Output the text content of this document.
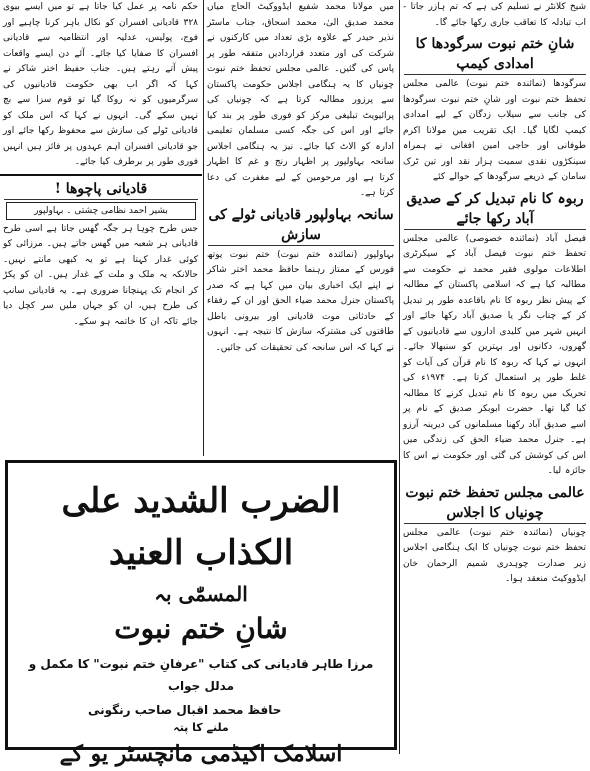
شیخ کلانٹر نے تسلیم کی ہے کہ تم ہازر جاتا - اب تبادلہ کا تعاقب جاری رکھا جائے گا۔

شانِ ختم نبوت سرگودھا کا امدادی کیمپ

سرگودھا (نمائندہ ختم نبوت) عالمی مجلس تحفظ ختم نبوت اور شانِ ختم نبوت سرگودھا کی جانب سے سیلاب زدگان کے لیے امدادی کیمپ لگایا گیا۔ ایک تقریب میں مولانا اکرم طوفانی اور حاجی امین افغانی نے ہمراہ سینکڑوں نقدی سمیت ہزار نقد اور تین ٹرک سامان کے ذریعے سرگودھا کے حوالے کئے

ربوہ کا نام تبدیل کر کے صدیق آباد رکھا جائے

فیصل آباد (نمائندہ خصوصی) عالمی مجلس تحفظ ختم نبوت فیصل آباد کے سیکرٹری اطلاعات مولوی فقیر محمد نے حکومت سے مطالبہ کیا ہے کہ اسلامی پاکستان کے مطالبہ کے پیش نظر ربوہ کا نام باقاعدہ طور پر تبدیل کر کے چناب نگر یا صدیق آباد رکھا جائے اور انہیں شہر میں کلیدی اداروں سے قادیانیوں کے گھروں، دکانوں اور بہترین کو سنبھالا جائے۔ انہوں نے کہا کہ ربوہ کا نام قرآن کی آیات کو غلط طور پر استعمال کرتا ہے۔ ۱۹۷۴ء کی تحریک میں ربوہ کا نام تبدیل کرنے کا مطالبہ کیا گیا تھا۔ حضرت ابوبکر صدیق کے نام پر اسے صدیق آباد رکھنا مسلمانوں کی دیرینہ آرزو ہے۔ جنرل محمد ضیاء الحق کی زندگی میں اس کی کوشش کی گئی اور حکومت نے اس کا جائزہ لیا۔

عالمی مجلس تحفظ ختم نبوت چونیاں کا اجلاس

چونیاں (نمائندہ ختم نبوت) عالمی مجلس تحفظ ختم نبوت چونیاں کا ایک ہنگامی اجلاس زیر صدارت چوہدری شمیم الرحمان خان ایڈووکیٹ منعقد ہوا۔

میں مولانا محمد شفیع ایڈووکیٹ الحاج میاں محمد صدیق الیٰ، محمد اسحاق، جناب ماسٹر نذیر حیدر کے علاوہ بڑی تعداد میں کارکنوں نے شرکت کی اور متعدد قراردادیں متفقہ طور پر پاس کی گئیں۔ عالمی مجلس تحفظ ختم نبوت چونیاں کا یہ ہنگامی اجلاس حکومت پاکستان سے پرزور مطالبہ کرتا ہے کہ چونیاں کی پرائیویٹ تبلیغی مرکز کو فوری طور پر بند کیا جائے اور اس کی جگہ کسی مسلمان تعلیمی ادارہ کو الاٹ کیا جائے۔ نیز یہ ہنگامی اجلاس سانحہ بہاولپور پر اظہار رنج و غم کا اظہار کرتا ہے اور مرحومین کے لیے مغفرت کی دعا کرتا ہے۔

سانحہ بہاولپور قادیانی ٹولے کی سازش

بہاولپور (نمائندہ ختم نبوت) ختم نبوت یوتھ فورس کے ممتاز رہنما حافظ محمد اختر شاکر نے اپنے ایک اخباری بیان میں کہا ہے کہ صدر پاکستان جنرل محمد ضیاء الحق اور ان کے رفقاء کے حادثاتی موت قادیانی اور بیرونی باطل طاقتوں کی مشترکہ سازش کا نتیجہ ہے۔ انہوں نے کہا کہ اس سانحہ کی تحقیقات کی جائیں۔

حکم نامہ پر عمل کیا جاتا ہے تو میں ایسے بیوی ۳۲۸ قادیانی افسران کو نکال باہر کرنا چاہیے اور فوج، پولیس، عدلیہ اور انتظامیہ سے قادیانی افسران کا صفایا کیا جائے۔ آئے دن ایسے واقعات پیش آتے رہتے ہیں۔ جناب حفیظ اختر شاکر نے کہا کہ اگر اب بھی حکومت قادیانیوں کی سرگرمیوں کو نہ روکا گیا تو قوم سزا سے بچ نہیں سکے گی۔ انہوں نے کہا کہ اس ملک کو قادیانی ٹولے کی سازش سے محفوظ رکھا جائے اور جو قادیانی افسران اہم عہدوں پر فائز ہیں انہیں فوری طور پر برطرف کیا جائے۔

قادیانی پاچوھا !
بشیر احمد نظامی چشتی ۔ بہاولپور

جس طرح چوہا ہر جگہ گھس جاتا ہے اسی طرح قادیانی ہر شعبہ میں گھس جاتے ہیں۔ مرزائی کو کوئی غدار کہتا ہے تو یہ کبھی مانتے نہیں۔ حالانکہ یہ ملک و ملت کے غدار ہیں۔ ان کو پکڑ کر انجام تک پہنچانا ضروری ہے۔ یہ قادیانی سانپ کی طرح ہیں، ان کو جہاں ملیں سر کچل دیا جائے تاکہ ان کا خاتمہ ہو سکے۔

الضرب الشدید علی الکذاب العنید
المسمّٰی بہ
شانِ ختم نبوت
مرزا طاہر قادیانی کی کتاب "عرفانِ ختم نبوت" کا مکمل و مدلل جواب
حافظ محمد اقبال صاحب رنگونی
ملنے کا پتہ
اسلامک اکیڈمی مانچسٹر یو کے
